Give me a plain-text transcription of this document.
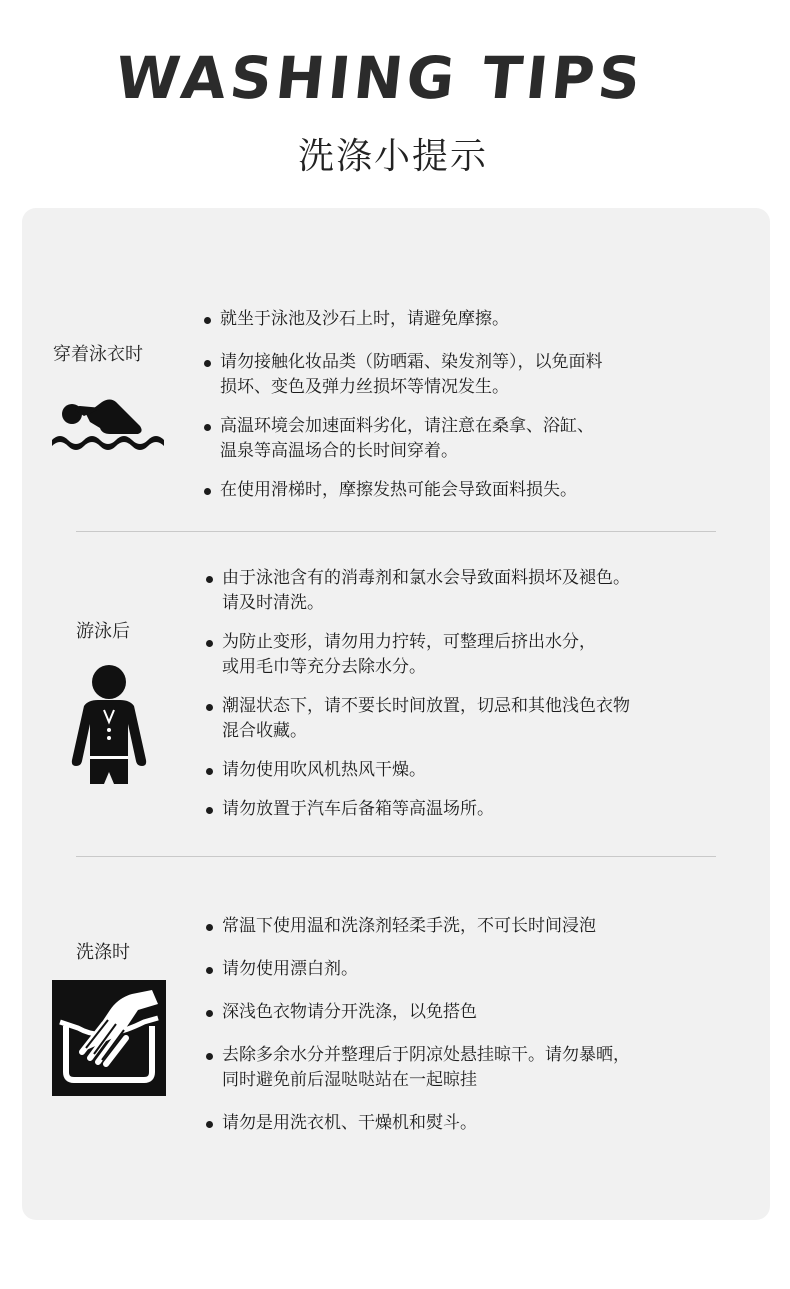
WASHING TIPS
洗涤小提示
穿着泳衣时
就坐于泳池及沙石上时，请避免摩擦。
请勿接触化妆品类（防晒霜、染发剂等），以免面料
损坏、变色及弹力丝损坏等情况发生。
高温环境会加速面料劣化，请注意在桑拿、浴缸、
温泉等高温场合的长时间穿着。
在使用滑梯时，摩擦发热可能会导致面料损失。
游泳后
由于泳池含有的消毒剂和氯水会导致面料损坏及褪色。
请及时清洗。
为防止变形，请勿用力拧转，可整理后挤出水分，
或用毛巾等充分去除水分。
潮湿状态下，请不要长时间放置，切忌和其他浅色衣物
混合收藏。
请勿使用吹风机热风干燥。
请勿放置于汽车后备箱等高温场所。
洗涤时
常温下使用温和洗涤剂轻柔手洗，不可长时间浸泡
请勿使用漂白剂。
深浅色衣物请分开洗涤，以免搭色
去除多余水分并整理后于阴凉处悬挂晾干。请勿暴晒，
同时避免前后湿哒哒站在一起晾挂
请勿是用洗衣机、干燥机和熨斗。
